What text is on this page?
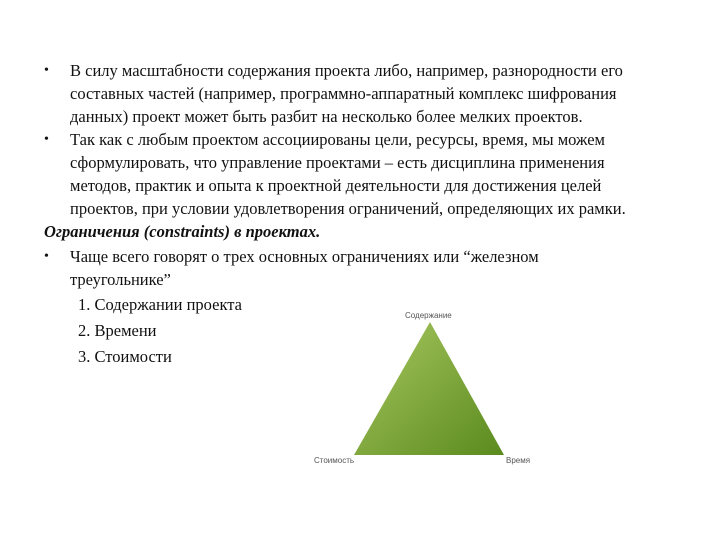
• В силу масштабности содержания проекта либо, например, разнородности его
составных частей (например, программно-аппаратный комплекс шифрования
данных) проект может быть разбит на несколько более мелких проектов.
• Так как с любым проектом ассоциированы цели, ресурсы, время, мы можем
сформулировать, что управление проектами – есть дисциплина применения
методов, практик и опыта к проектной деятельности для достижения целей
проектов, при условии удовлетворения ограничений, определяющих их рамки.
Ограничения (constraints) в проектах.
• Чаще всего говорят о трех основных ограничениях или “железном
треугольнике”
1. Содержании проекта
2. Времени
3. Стоимости
Содержание
Стоимость	Время
